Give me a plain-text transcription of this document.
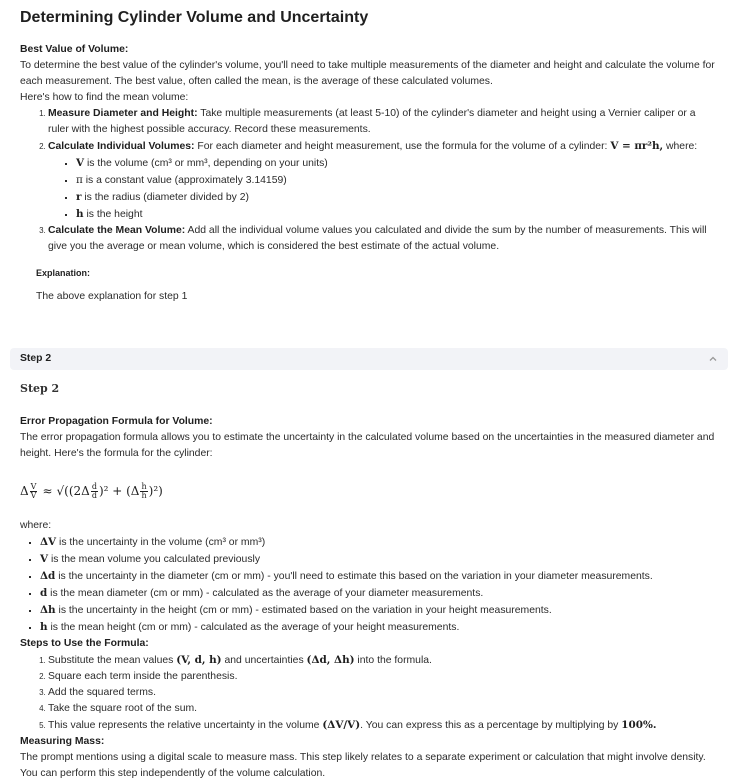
Determining Cylinder Volume and Uncertainty
Best Value of Volume:

To determine the best value of the cylinder's volume, you'll need to take multiple measurements of the diameter and height and calculate the volume for each measurement. The best value, often called the mean, is the average of these calculated volumes.

Here's how to find the mean volume:

1. Measure Diameter and Height: Take multiple measurements (at least 5-10) of the cylinder's diameter and height using a Vernier caliper or a ruler with the highest possible accuracy. Record these measurements.
2. Calculate Individual Volumes: For each diameter and height measurement, use the formula for the volume of a cylinder: V = πr²h, where:
▪ V is the volume (cm³ or mm³, depending on your units)
▪ π is a constant value (approximately 3.14159)
▪ r is the radius (diameter divided by 2)
▪ h is the height
3. Calculate the Mean Volume: Add all the individual volume values you calculated and divide the sum by the number of measurements. This will give you the average or mean volume, which is considered the best estimate of the actual volume.
Explanation:
The above explanation for step 1
Step 2
Step 2
Error Propagation Formula for Volume:

The error propagation formula allows you to estimate the uncertainty in the calculated volume based on the uncertainties in the measured diameter and height. Here's the formula for the cylinder:

Δ $\frac{V}{V} \approx √((2\Delta \frac{d}{d} )^2 + (\Delta \frac{h}{h} )^2)$

where:

▪ ΔV is the uncertainty in the volume (cm³ or mm³)
▪ V is the mean volume you calculated previously
▪ Δd is the uncertainty in the diameter (cm or mm) - you'll need to estimate this based on the variation in your diameter measurements.
▪ d is the mean diameter (cm or mm) - calculated as the average of your diameter measurements.
▪ Δh is the uncertainty in the height (cm or mm) - estimated based on the variation in your height measurements.
▪ h is the mean height (cm or mm) - calculated as the average of your height measurements.
Steps to Use the Formula:
1. Substitute the mean values (V, d, h) and uncertainties (Δd, Δh) into the formula.
2. Square each term inside the parenthesis.
3. Add the squared terms.
4. Take the square root of the sum.
5. This value represents the relative uncertainty in the volume (ΔV/V). You can express this as a percentage by multiplying by 100%.
Measuring Mass:

The prompt mentions using a digital scale to measure mass. This step likely relates to a separate experiment or calculation that might involve density. You can perform this step independently of the volume calculation.
